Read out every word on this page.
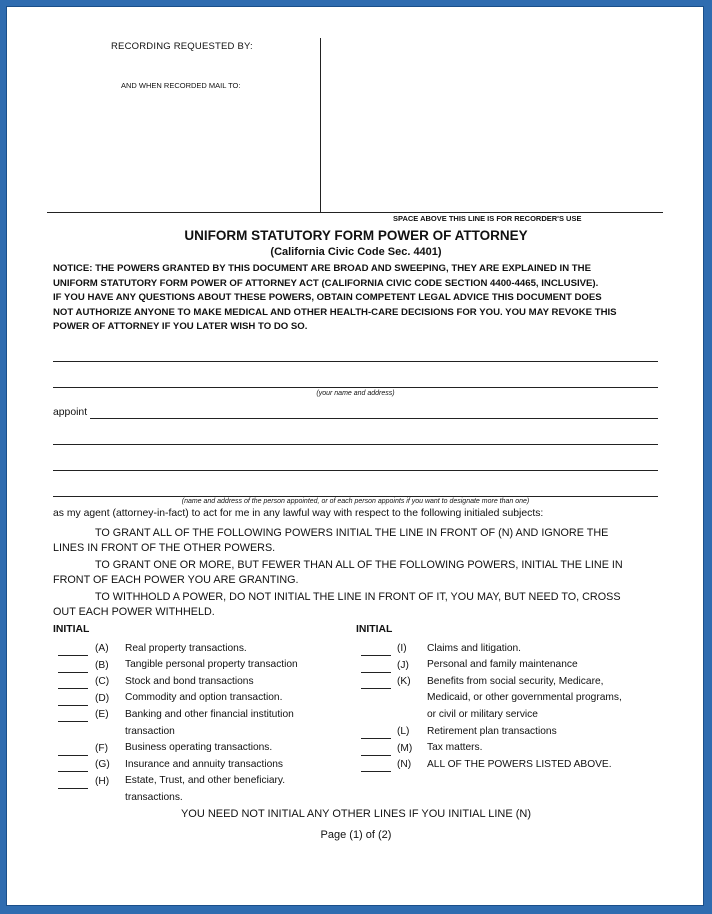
RECORDING REQUESTED BY:
AND WHEN RECORDED MAIL TO:
SPACE ABOVE THIS LINE IS FOR RECORDER'S USE
UNIFORM STATUTORY FORM POWER OF ATTORNEY
(California Civic Code Sec. 4401)
NOTICE: THE POWERS GRANTED BY THIS DOCUMENT ARE BROAD AND SWEEPING, THEY ARE EXPLAINED IN THE
UNIFORM STATUTORY FORM POWER OF ATTORNEY ACT (CALIFORNIA CIVIC CODE SECTION 4400-4465, INCLUSIVE).
IF YOU HAVE ANY QUESTIONS ABOUT THESE POWERS, OBTAIN COMPETENT LEGAL ADVICE THIS DOCUMENT DOES
NOT AUTHORIZE ANYONE TO MAKE MEDICAL AND OTHER HEALTH-CARE DECISIONS FOR YOU. YOU MAY REVOKE THIS
POWER OF ATTORNEY IF YOU LATER WISH TO DO SO.
(your name and address)
appoint
(name and address of the person appointed, or of each person appoints if you want to designate more than one)
as my agent (attorney-in-fact) to act for me in any lawful way with respect to the following initialed subjects:
TO GRANT ALL OF THE FOLLOWING POWERS INITIAL THE LINE IN FRONT OF (N) AND IGNORE THE
LINES IN FRONT OF THE OTHER POWERS.
TO GRANT ONE OR MORE, BUT FEWER THAN ALL OF THE FOLLOWING POWERS, INITIAL THE LINE IN
FRONT OF EACH POWER YOU ARE GRANTING.
TO WITHHOLD A POWER, DO NOT INITIAL THE LINE IN FRONT OF IT, YOU MAY, BUT NEED TO, CROSS
OUT EACH POWER WITHHELD.
INITIAL	INITIAL
(A) Real property transactions.
(B) Tangible personal property transaction
(C) Stock and bond transactions
(D) Commodity and option transaction.
(E) Banking and other financial institution
transaction
(F) Business operating transactions.
(G) Insurance and annuity transactions
(H) Estate, Trust, and other beneficiary.
transactions.
(I) Claims and litigation.
(J) Personal and family maintenance
(K) Benefits from social security, Medicare,
Medicaid, or other governmental programs,
or civil or military service
(L) Retirement plan transactions
(M) Tax matters.
(N) ALL OF THE POWERS LISTED ABOVE.
YOU NEED NOT INITIAL ANY OTHER LINES IF YOU INITIAL LINE (N)
Page (1) of (2)
